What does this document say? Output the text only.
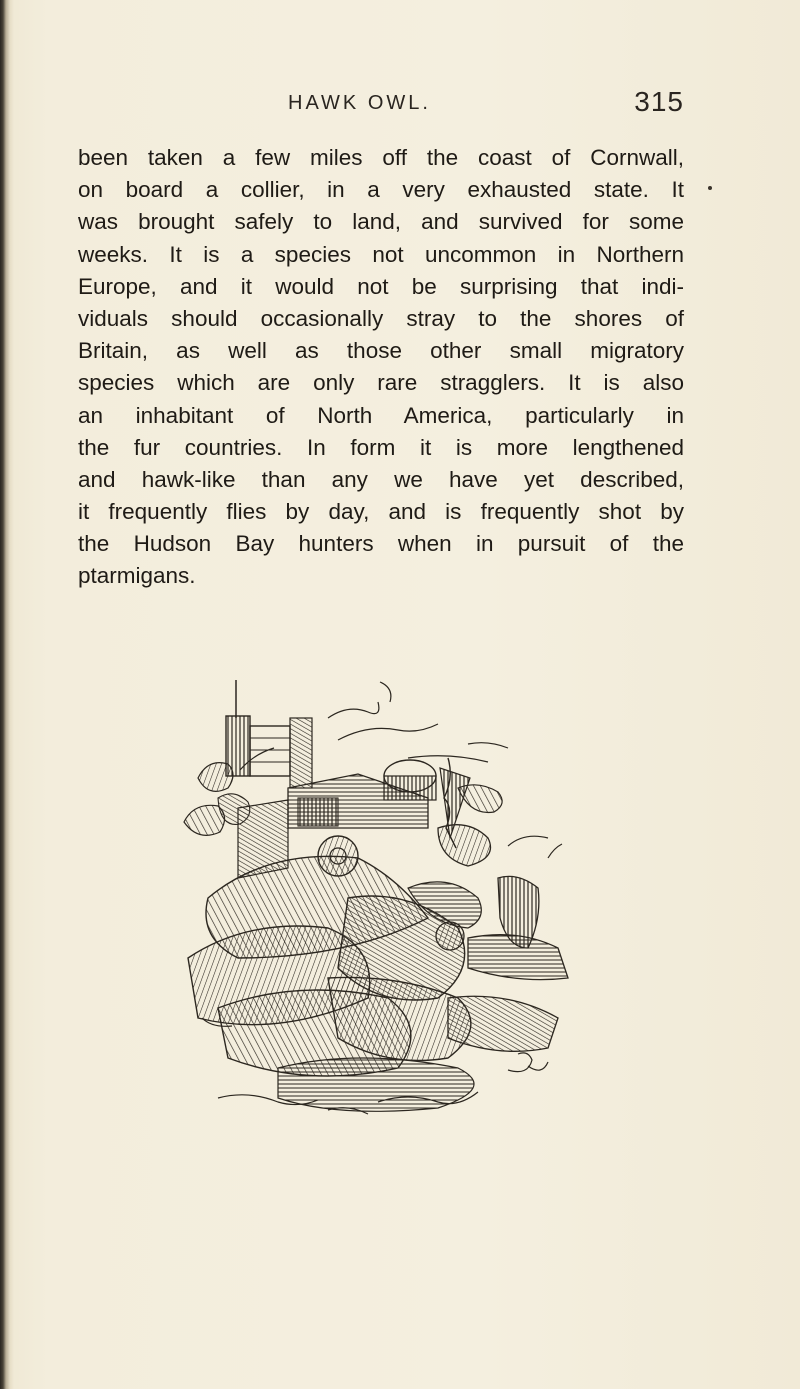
HAWK OWL.	315
been taken a few miles off the coast of Cornwall,
on board a collier, in a very exhausted state. It
was brought safely to land, and survived for some
weeks. It is a species not uncommon in Northern
Europe, and it would not be surprising that indi-
viduals should occasionally stray to the shores of
Britain, as well as those other small migratory
species which are only rare stragglers. It is also
an inhabitant of North America, particularly in
the fur countries. In form it is more lengthened
and hawk-like than any we have yet described,
it frequently flies by day, and is frequently shot by
the Hudson Bay hunters when in pursuit of the
ptarmigans.
